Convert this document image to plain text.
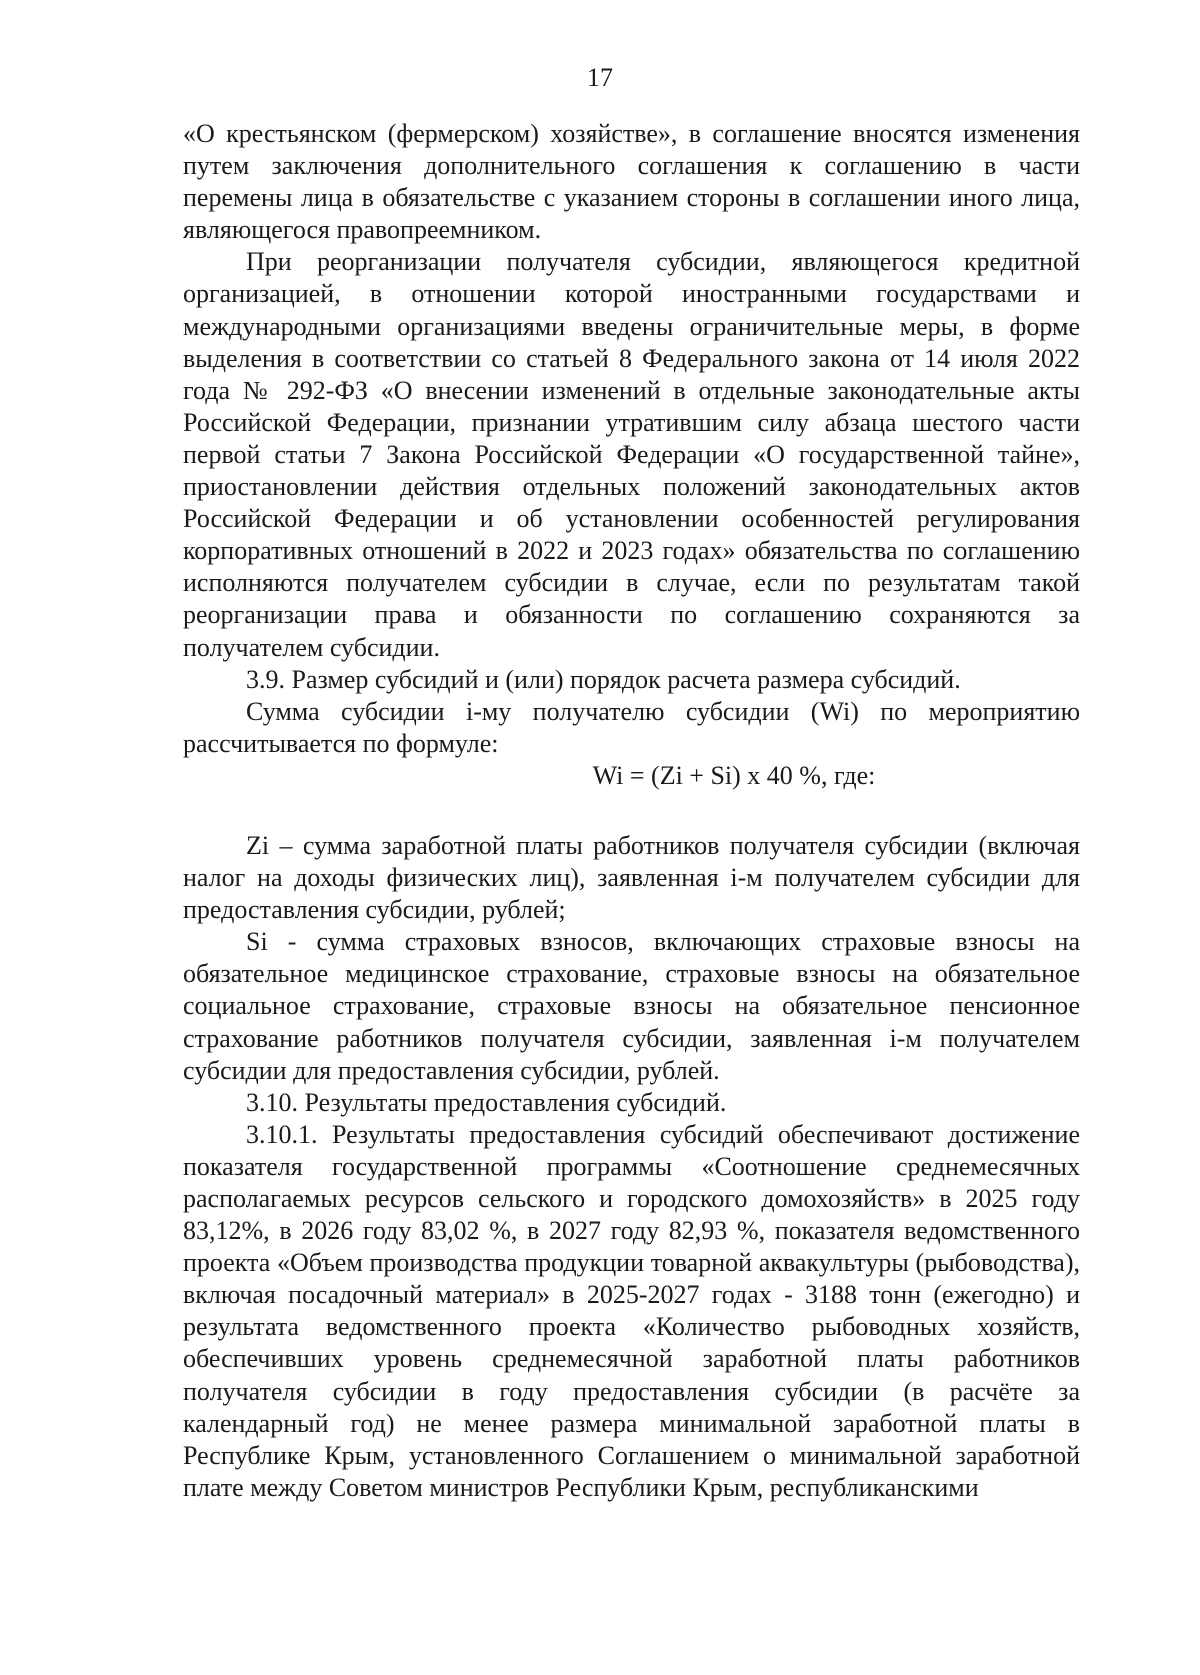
17

«О крестьянском (фермерском) хозяйстве», в соглашение вносятся изменения путем заключения дополнительного соглашения к соглашению в части перемены лица в обязательстве с указанием стороны в соглашении иного лица, являющегося правопреемником.

При реорганизации получателя субсидии, являющегося кредитной организацией, в отношении которой иностранными государствами и международными организациями введены ограничительные меры, в форме выделения в соответствии со статьей 8 Федерального закона от 14 июля 2022 года № 292-ФЗ «О внесении изменений в отдельные законодательные акты Российской Федерации, признании утратившим силу абзаца шестого части первой статьи 7 Закона Российской Федерации «О государственной тайне», приостановлении действия отдельных положений законодательных актов Российской Федерации и об установлении особенностей регулирования корпоративных отношений в 2022 и 2023 годах» обязательства по соглашению исполняются получателем субсидии в случае, если по результатам такой реорганизации права и обязанности по соглашению сохраняются за получателем субсидии.

3.9. Размер субсидий и (или) порядок расчета размера субсидий.

Сумма субсидии i-му получателю субсидии (Wi) по мероприятию рассчитывается по формуле:

Wi = (Zi + Si) x 40 %, где:

Zi – сумма заработной платы работников получателя субсидии (включая налог на доходы физических лиц), заявленная i-м получателем субсидии для предоставления субсидии, рублей;

Si - сумма страховых взносов, включающих страховые взносы на обязательное медицинское страхование, страховые взносы на обязательное социальное страхование, страховые взносы на обязательное пенсионное страхование работников получателя субсидии, заявленная i-м получателем субсидии для предоставления субсидии, рублей.

3.10. Результаты предоставления субсидий.

3.10.1. Результаты предоставления субсидий обеспечивают достижение показателя государственной программы «Соотношение среднемесячных располагаемых ресурсов сельского и городского домохозяйств» в 2025 году 83,12%, в 2026 году 83,02 %, в 2027 году 82,93 %, показателя ведомственного проекта «Объем производства продукции товарной аквакультуры (рыбоводства), включая посадочный материал» в 2025-2027 годах - 3188 тонн (ежегодно) и результата ведомственного проекта «Количество рыбоводных хозяйств, обеспечивших уровень среднемесячной заработной платы работников получателя субсидии в году предоставления субсидии (в расчёте за календарный год) не менее размера минимальной заработной платы в Республике Крым, установленного Соглашением о минимальной заработной плате между Советом министров Республики Крым, республиканскими
